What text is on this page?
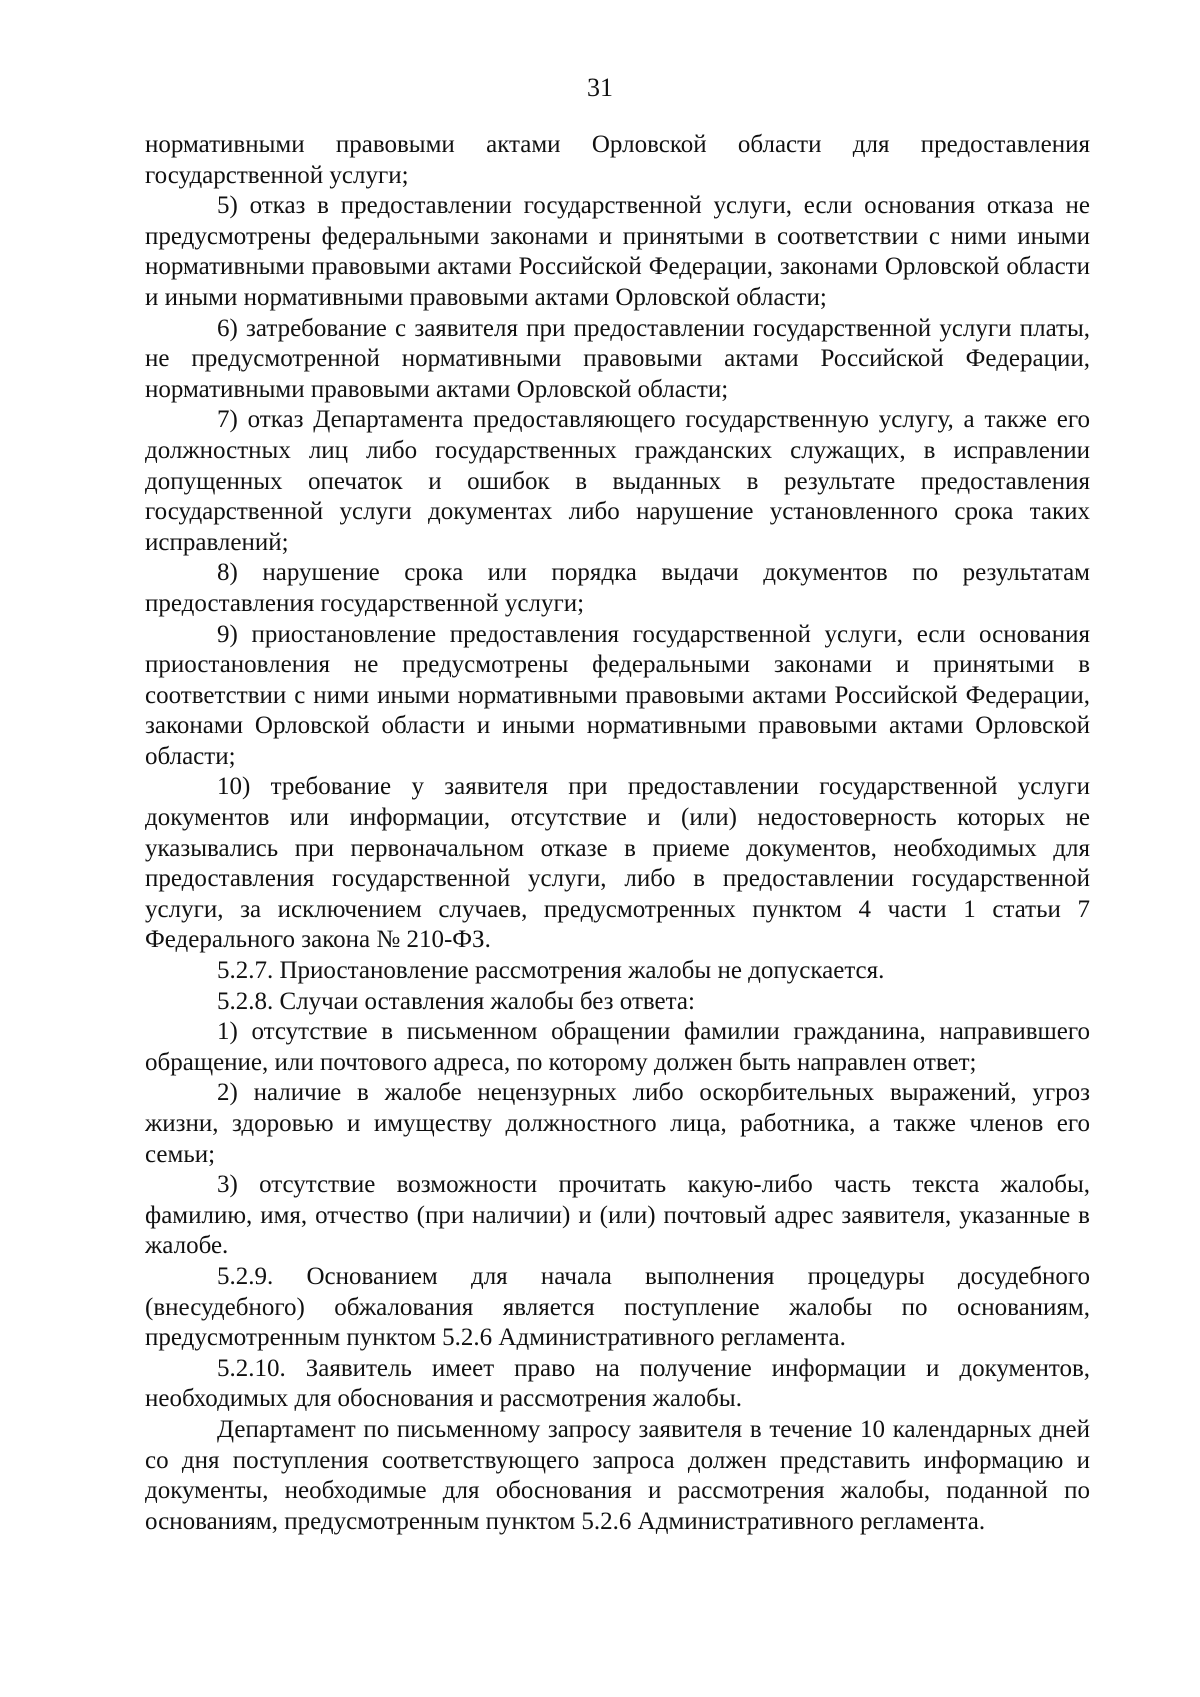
31

нормативными правовыми актами Орловской области для предоставления государственной услуги;

5) отказ в предоставлении государственной услуги, если основания отказа не предусмотрены федеральными законами и принятыми в соответствии с ними иными нормативными правовыми актами Российской Федерации, законами Орловской области и иными нормативными правовыми актами Орловской области;

6) затребование с заявителя при предоставлении государственной услуги платы, не предусмотренной нормативными правовыми актами Российской Федерации, нормативными правовыми актами Орловской области;

7) отказ Департамента предоставляющего государственную услугу, а также его должностных лиц либо государственных гражданских служащих, в исправлении допущенных опечаток и ошибок в выданных в результате предоставления государственной услуги документах либо нарушение установленного срока таких исправлений;

8) нарушение срока или порядка выдачи документов по результатам предоставления государственной услуги;

9) приостановление предоставления государственной услуги, если основания приостановления не предусмотрены федеральными законами и принятыми в соответствии с ними иными нормативными правовыми актами Российской Федерации, законами Орловской области и иными нормативными правовыми актами Орловской области;

10) требование у заявителя при предоставлении государственной услуги документов или информации, отсутствие и (или) недостоверность которых не указывались при первоначальном отказе в приеме документов, необходимых для предоставления государственной услуги, либо в предоставлении государственной услуги, за исключением случаев, предусмотренных пунктом 4 части 1 статьи 7 Федерального закона № 210-ФЗ.

5.2.7. Приостановление рассмотрения жалобы не допускается.

5.2.8. Случаи оставления жалобы без ответа:

1) отсутствие в письменном обращении фамилии гражданина, направившего обращение, или почтового адреса, по которому должен быть направлен ответ;

2) наличие в жалобе нецензурных либо оскорбительных выражений, угроз жизни, здоровью и имуществу должностного лица, работника, а также членов его семьи;

3) отсутствие возможности прочитать какую-либо часть текста жалобы, фамилию, имя, отчество (при наличии) и (или) почтовый адрес заявителя, указанные в жалобе.

5.2.9. Основанием для начала выполнения процедуры досудебного (внесудебного) обжалования является поступление жалобы по основаниям, предусмотренным пунктом 5.2.6 Административного регламента.

5.2.10. Заявитель имеет право на получение информации и документов, необходимых для обоснования и рассмотрения жалобы.

Департамент по письменному запросу заявителя в течение 10 календарных дней со дня поступления соответствующего запроса должен представить информацию и документы, необходимые для обоснования и рассмотрения жалобы, поданной по основаниям, предусмотренным пунктом 5.2.6 Административного регламента.
